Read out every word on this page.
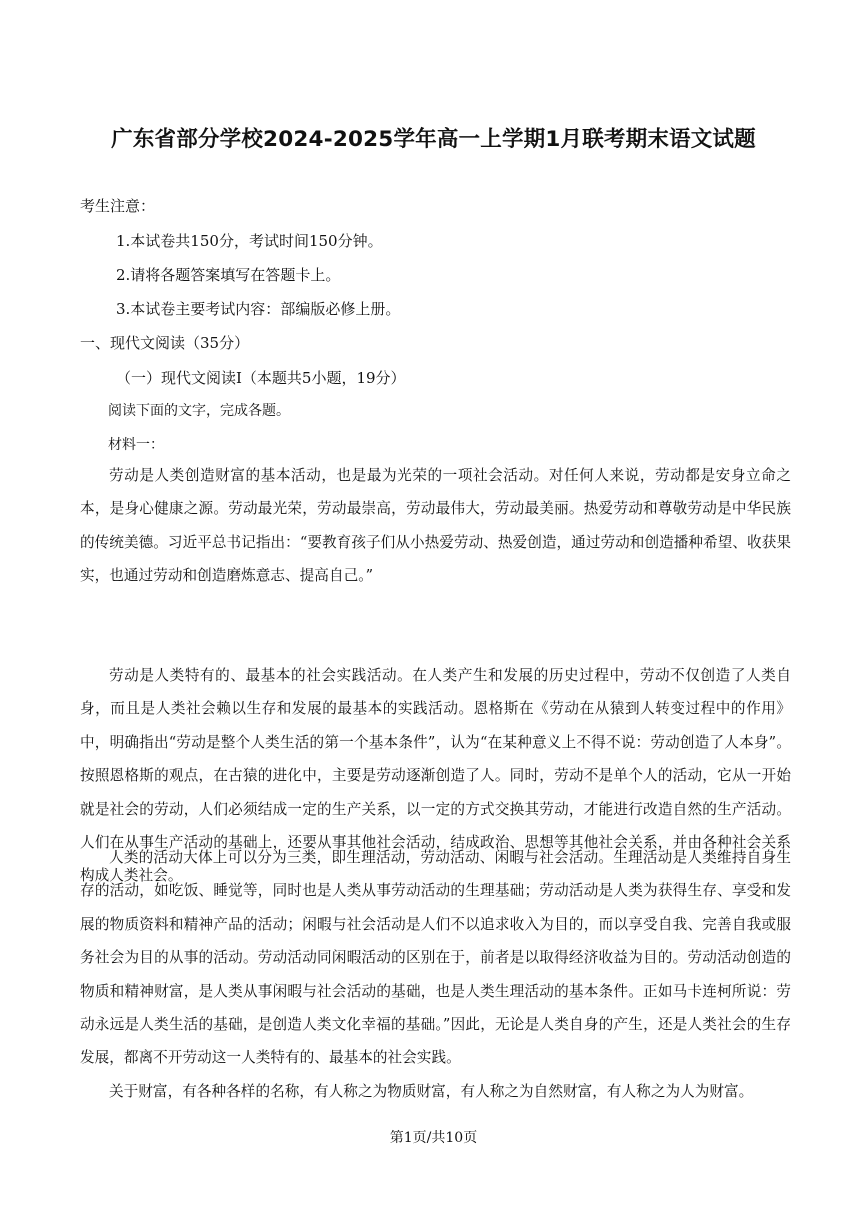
广东省部分学校2024-2025学年高一上学期1月联考期末语文试题
考生注意：
1.本试卷共150分，考试时间150分钟。
2.请将各题答案填写在答题卡上。
3.本试卷主要考试内容：部编版必修上册。
一、现代文阅读（35分）
（一）现代文阅读Ⅰ（本题共5小题，19分）
阅读下面的文字，完成各题。
材料一：
劳动是人类创造财富的基本活动，也是最为光荣的一项社会活动。对任何人来说，劳动都是安身立命之本，是身心健康之源。劳动最光荣，劳动最崇高，劳动最伟大，劳动最美丽。热爱劳动和尊敬劳动是中华民族的传统美德。习近平总书记指出：“要教育孩子们从小热爱劳动、热爱创造，通过劳动和创造播种希望、收获果实，也通过劳动和创造磨炼意志、提高自己。”
劳动是人类特有的、最基本的社会实践活动。在人类产生和发展的历史过程中，劳动不仅创造了人类自身，而且是人类社会赖以生存和发展的最基本的实践活动。恩格斯在《劳动在从猿到人转变过程中的作用》中，明确指出“劳动是整个人类生活的第一个基本条件”，认为“在某种意义上不得不说：劳动创造了人本身”。按照恩格斯的观点，在古猿的进化中，主要是劳动逐渐创造了人。同时，劳动不是单个人的活动，它从一开始就是社会的劳动，人们必须结成一定的生产关系，以一定的方式交换其劳动，才能进行改造自然的生产活动。人们在从事生产活动的基础上，还要从事其他社会活动，结成政治、思想等其他社会关系，并由各种社会关系构成人类社会。
人类的活动大体上可以分为三类，即生理活动，劳动活动、闲暇与社会活动。生理活动是人类维持自身生存的活动，如吃饭、睡觉等，同时也是人类从事劳动活动的生理基础；劳动活动是人类为获得生存、享受和发展的物质资料和精神产品的活动；闲暇与社会活动是人们不以追求收入为目的，而以享受自我、完善自我或服务社会为目的从事的活动。劳动活动同闲暇活动的区别在于，前者是以取得经济收益为目的。劳动活动创造的物质和精神财富，是人类从事闲暇与社会活动的基础，也是人类生理活动的基本条件。正如马卡连柯所说：劳动永远是人类生活的基础，是创造人类文化幸福的基础。”因此，无论是人类自身的产生，还是人类社会的生存发展，都离不开劳动这一人类特有的、最基本的社会实践。
关于财富，有各种各样的名称，有人称之为物质财富，有人称之为自然财富，有人称之为人为财富。
第1页/共10页
